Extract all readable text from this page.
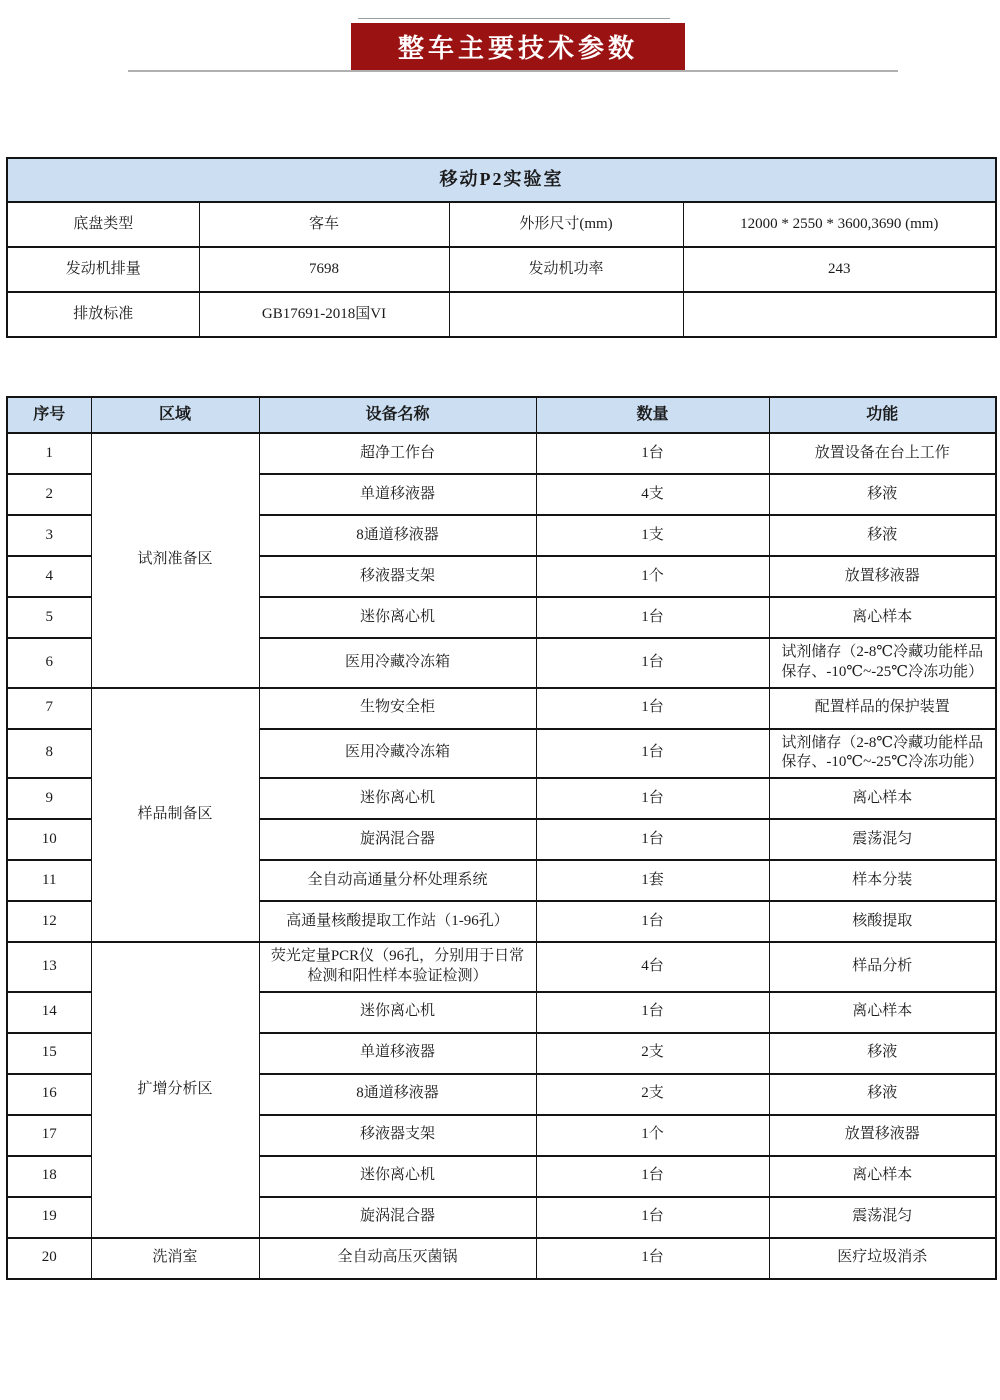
整车主要技术参数
移动P2实验室			
底盘类型	客车	外形尺寸(mm)	12000 * 2550 * 3600,3690 (mm)
发动机排量	7698	发动机功率	243
排放标准	GB17691-2018国VI		
序号	区域	设备名称	数量	功能
1	试剂准备区	超净工作台	1台	放置设备在台上工作
2		单道移液器	4支	移液
3		8通道移液器	1支	移液
4		移液器支架	1个	放置移液器
5		迷你离心机	1台	离心样本
6		医用冷藏冷冻箱	1台	试剂储存（2-8℃冷藏功能样品保存、-10℃~-25℃冷冻功能）
7	样品制备区	生物安全柜	1台	配置样品的保护装置
8		医用冷藏冷冻箱	1台	试剂储存（2-8℃冷藏功能样品保存、-10℃~-25℃冷冻功能）
9		迷你离心机	1台	离心样本
10		旋涡混合器	1台	震荡混匀
11		全自动高通量分杯处理系统	1套	样本分装
12		高通量核酸提取工作站（1-96孔）	1台	核酸提取
13	扩增分析区	荧光定量PCR仪（96孔，分别用于日常检测和阳性样本验证检测）	4台	样品分析
14		迷你离心机	1台	离心样本
15		单道移液器	2支	移液
16		8通道移液器	2支	移液
17		移液器支架	1个	放置移液器
18		迷你离心机	1台	离心样本
19		旋涡混合器	1台	震荡混匀
20	洗消室	全自动高压灭菌锅	1台	医疗垃圾消杀
